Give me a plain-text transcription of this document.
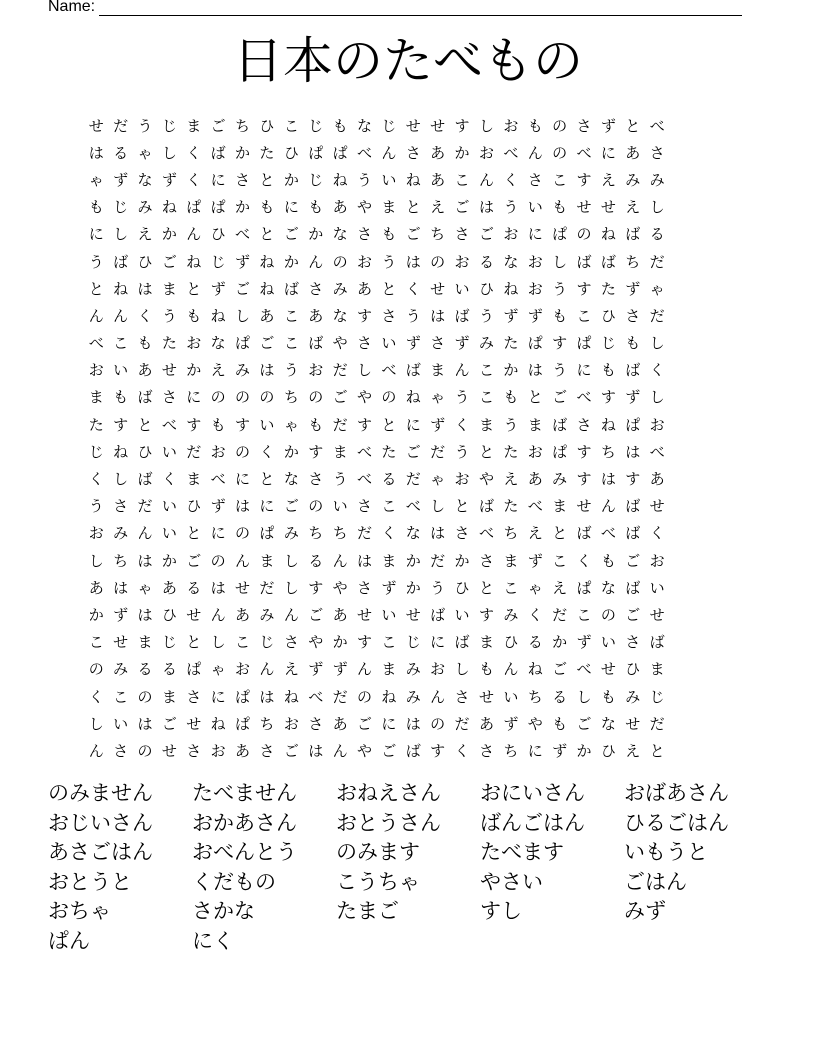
Name:
日本のたべもの
せ だ う じ ま ご ち ひ こ じ も な じ せ せ す し お も の さ ず と べ
は る ゃ し く ば か た ひ ぱ ぱ べ ん さ あ か お べ ん の べ に あ さ
ゃ ず な ず く に さ と か じ ね う い ね あ こ ん く さ こ す え み み
も じ み ね ぱ ぱ か も に も あ や ま と え ご は う い も せ せ え し
に し え か ん ひ べ と ご か な さ も ご ち さ ご お に ぱ の ね ば る
う ば ひ ご ね じ ず ね か ん の お う は の お る な お し ば ば ち だ
と ね は ま と ず ご ね ば さ み あ と く せ い ひ ね お う す た ず ゃ
ん ん く う も ね し あ こ あ な す さ う は ば う ず ず も こ ひ さ だ
べ こ も た お な ぱ ご こ ば や さ い ず さ ず み た ぱ す ぱ じ も し
お い あ せ か え み は う お だ し べ ば ま ん こ か は う に も ば く
ま も ば さ に の の の ち の ご や の ね ゃ う こ も と ご べ す ず し
た す と べ す も す い ゃ も だ す と に ず く ま う ま ば さ ね ぱ お
じ ね ひ い だ お の く か す ま べ た ご だ う と た お ぱ す ち は べ
く し ば く ま べ に と な さ う べ る だ ゃ お や え あ み す は す あ
う さ だ い ひ ず は に ご の い さ こ べ し と ば た べ ま せ ん ば せ
お み ん い と に の ぱ み ち ち だ く な は さ べ ち え と ば べ ば く
し ち は か ご の ん ま し る ん は ま か だ か さ ま ず こ く も ご お
あ は ゃ あ る は せ だ し す や さ ず か う ひ と こ ゃ え ぱ な ば い
か ず は ひ せ ん あ み ん ご あ せ い せ ば い す み く だ こ の ご せ
こ せ ま じ と し こ じ さ や か す こ じ に ば ま ひ る か ず い さ ば
の み る る ぱ ゃ お ん え ず ず ん ま み お し も ん ね ご べ せ ひ ま
く こ の ま さ に ぱ は ね べ だ の ね み ん さ せ い ち る し も み じ
し い は ご せ ね ぱ ち お さ あ ご に は の だ あ ず や も ご な せ だ
ん さ の せ さ お あ さ ご は ん や ご ば す く さ ち に ず か ひ え と
のみません	たべません	おねえさん	おにいさん	おばあさん
おじいさん	おかあさん	おとうさん	ばんごはん	ひるごはん
あさごはん	おべんとう	のみます	たべます	いもうと
おとうと	くだもの	こうちゃ	やさい	ごはん
おちゃ	さかな	たまご	すし	みず
ぱん	にく
